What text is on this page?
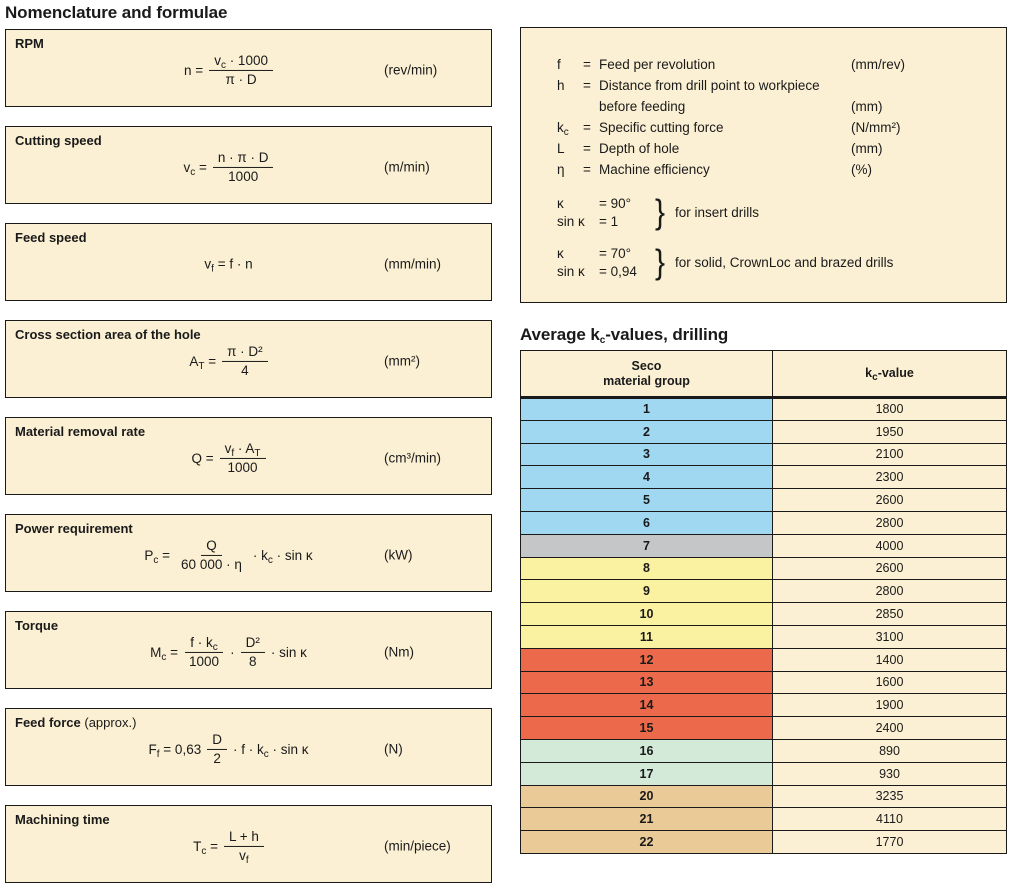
Nomenclature and formulae
RPM
$n = \frac{v_c \cdot 1000}{\pi \cdot D}$	(rev/min)
Cutting speed
$v_c = \frac{n \cdot \pi \cdot D}{1000}$	(m/min)
Feed speed
$v_f = f \cdot n$	(mm/min)
Cross section area of the hole
$A_T = \frac{\text{π · D²}}{4}$	(mm²)
Material removal rate
$Q = \frac{v_f \cdot A_T}{1000}$	(cm³/min)
Power requirement
$P_c = \frac{Q}{60 000 \cdot \eta} \cdot k_c \cdot \sin \kappa$	(kW)
Torque
$M_c = \frac{f \cdot k_c}{1000} \cdot \frac{\text{D²}}{8} \cdot \sin \kappa$	(Nm)
Feed force (approx.)
$F_f = 0,63 \frac{D}{2} \cdot f \cdot k_c \cdot \sin \kappa$	(N)
Machining time
$T_c = \frac{L + h}{v_f}$	(min/piece)
f	= Feed per revolution	(mm/rev)
h	= Distance from drill point to workpiece
before feeding	(mm)
$k_c$	= Specific cutting force	(N/mm²)
L	= Depth of hole	(mm)
η	= Machine efficiency	(%)
κ	= 90°
sin κ	= 1	} for insert drills
κ	= 70°
sin κ	= 0,94 } for solid, CrownLoc and brazed drills
Average $k_c$-values, drilling
Seco
material group	$k_c$-value
1	1800
2	1950
3	2100
4	2300
5	2600
6	2800
7	4000
8	2600
9	2800
10	2850
11	3100
12	1400
13	1600
14	1900
15	2400
16	890
17	930
20	3235
21	4110
22	1770
